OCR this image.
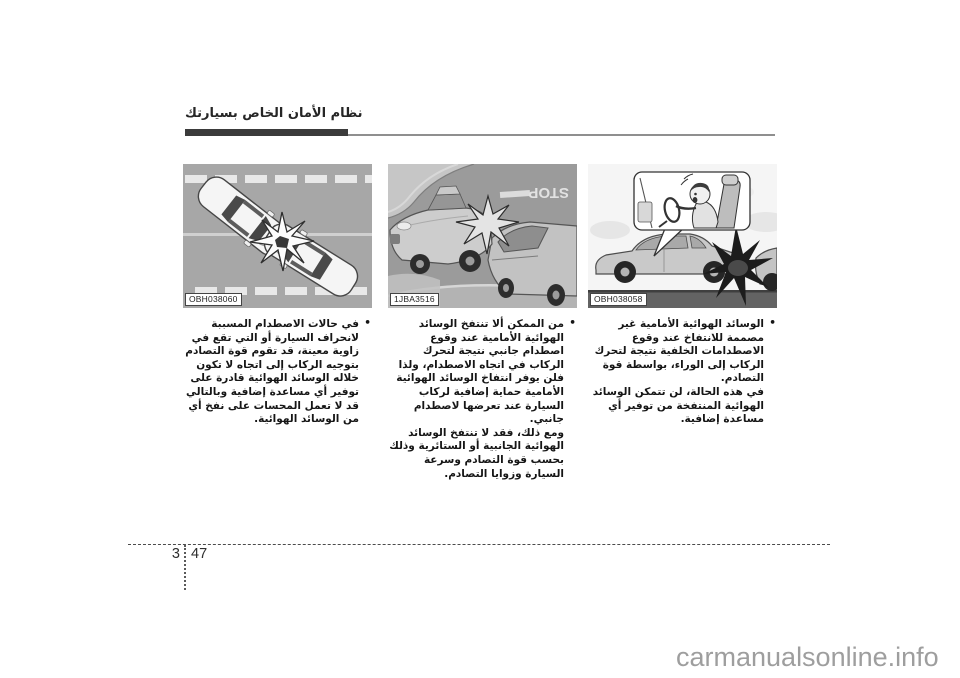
نظام الأمان الخاص بسيارتك
OBH038060
•

في حالات الاصطدام المسببة لانحراف السيارة أو التي تقع في زاوية معينة، قد تقوم قوة التصادم بتوجيه الركاب إلى اتجاه لا تكون خلاله الوسائد الهوائية قادرة على توفير أي مساعدة إضافية وبالتالي قد لا تعمل المحسات على نفخ أي من الوسائد الهوائية.

STOP
1JBA3516
•

من الممكن ألا تنتفخ الوسائد الهوائية الأمامية عند وقوع اصطدام جانبي نتيجة لتحرك الركاب في اتجاه الاصطدام، ولذا فلن يوفر انتفاخ الوسائد الهوائية الأمامية حماية إضافية لركاب السيارة عند تعرضها لاصطدام جانبي.

ومع ذلك، فقد لا تنتفخ الوسائد الهوائية الجانبية أو الستائرية وذلك بحسب قوة التصادم وسرعة السيارة وزوايا التصادم.

OBH038058
•

الوسائد الهوائية الأمامية غير مصممة للانتفاخ عند وقوع الاصطدامات الخلفية نتيجة لتحرك الركاب إلى الوراء، بواسطة قوة التصادم.

في هذه الحالة، لن تتمكن الوسائد الهوائية المنتفخة من توفير أي مساعدة إضافية.

3 47
carmanualsonline.info
